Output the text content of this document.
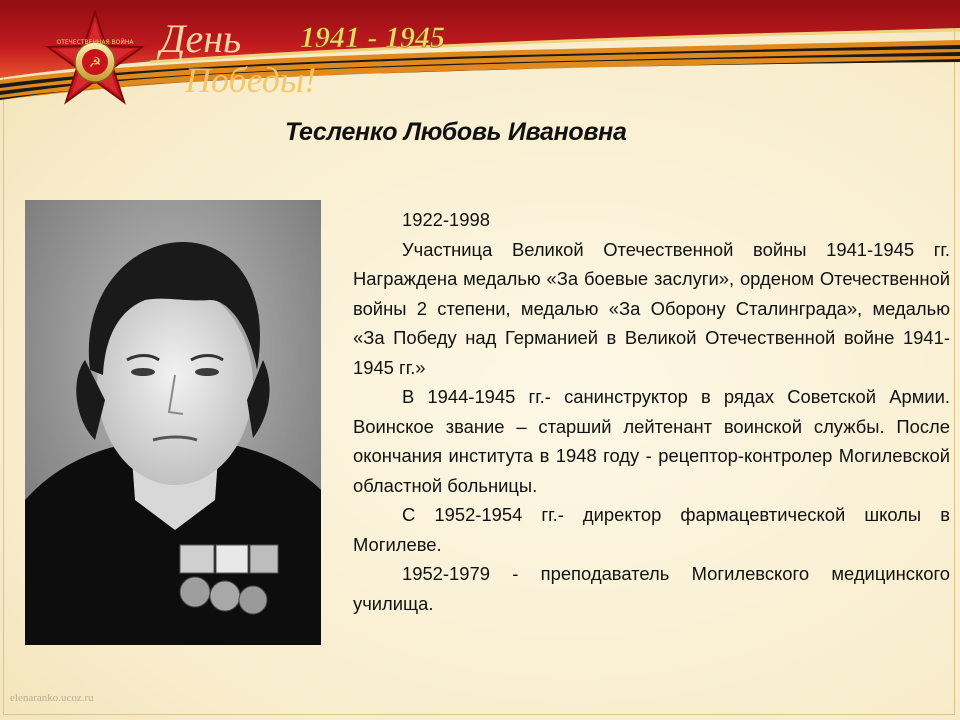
☭
ОТЕЧЕСТВЕННАЯ ВОЙНА День
Победы!
1941 - 1945
Тесленко Любовь Ивановна

1922-1998

Участница Великой Отечественной войны 1941-1945 гг. Награждена медалью «За боевые заслуги», орденом Отечественной войны 2 степени, медалью «За Оборону Сталинграда», медалью «За Победу над Германией в Великой Отечественной войне 1941-1945 гг.»

В 1944-1945 гг.- санинструктор в рядах Советской Армии. Воинское звание – старший лейтенант воинской службы. После окончания института в 1948 году - рецептор-контролер Могилевской областной больницы.

С 1952-1954 гг.- директор фармацевтической школы в Могилеве.

1952-1979 - преподаватель Могилевского медицинского училища.

elenaranko.ucoz.ru
